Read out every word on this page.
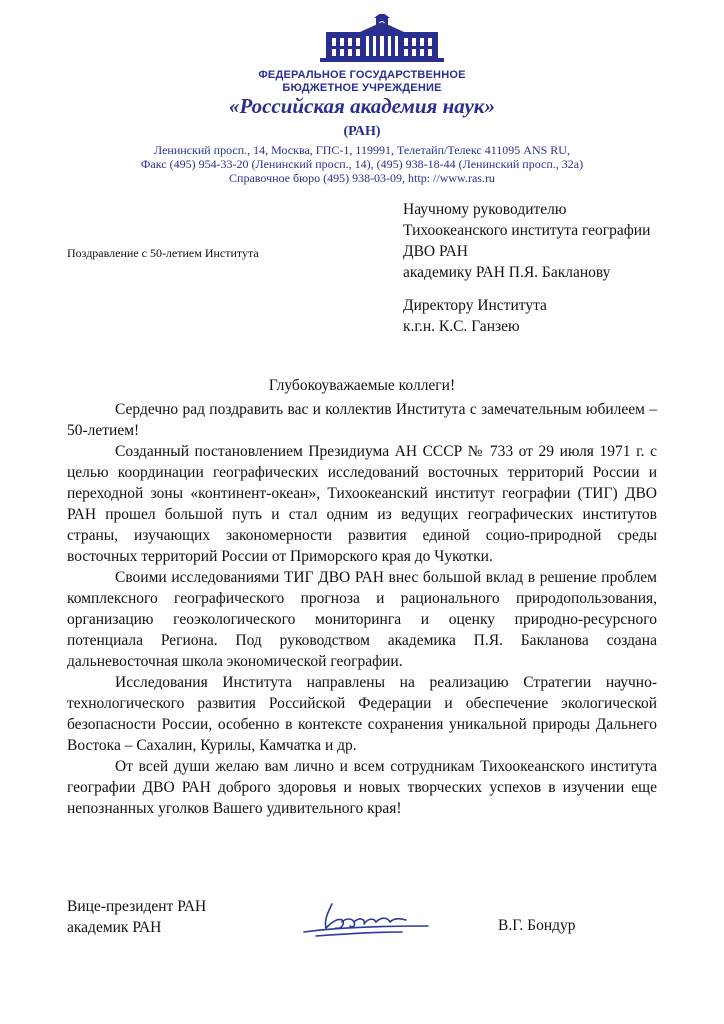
ФЕДЕРАЛЬНОЕ ГОСУДАРСТВЕННОЕ
БЮДЖЕТНОЕ УЧРЕЖДЕНИЕ
«Российская академия наук»
(РАН)
Ленинский просп., 14, Москва, ГПС-1, 119991, Телетайп/Телекс 411095 ANS RU,
Факс (495) 954-33-20 (Ленинский просп., 14), (495) 938-18-44 (Ленинский просп., 32а)
Справочное бюро (495) 938-03-09, http: //www.ras.ru
Научному руководителю
Тихоокеанского института географии
ДВО РАН
академику РАН П.Я. Бакланову
Поздравление с 50-летием Института
Директору Института
к.г.н. К.С. Ганзею
Глубокоуважаемые коллеги!

Сердечно рад поздравить вас и коллектив Института с замечательным юбилеем – 50-летием!

Созданный постановлением Президиума АН СССР № 733 от 29 июля 1971 г. с целью координации географических исследований восточных территорий России и переходной зоны «континент-океан», Тихоокеанский институт географии (ТИГ) ДВО РАН прошел большой путь и стал одним из ведущих географических институтов страны, изучающих закономерности развития единой социо-природной среды восточных территорий России от Приморского края до Чукотки.

Своими исследованиями ТИГ ДВО РАН внес большой вклад в решение проблем комплексного географического прогноза и рационального природопользования, организацию геоэкологического мониторинга и оценку природно-ресурсного потенциала Региона. Под руководством академика П.Я. Бакланова создана дальневосточная школа экономической географии.

Исследования Института направлены на реализацию Стратегии научно-технологического развития Российской Федерации и обеспечение экологической безопасности России, особенно в контексте сохранения уникальной природы Дальнего Востока – Сахалин, Курилы, Камчатка и др.

От всей души желаю вам лично и всем сотрудникам Тихоокеанского института географии ДВО РАН доброго здоровья и новых творческих успехов в изучении еще непознанных уголков Вашего удивительного края!

Вице-президент РАН
академик РАН	В.Г. Бондур
